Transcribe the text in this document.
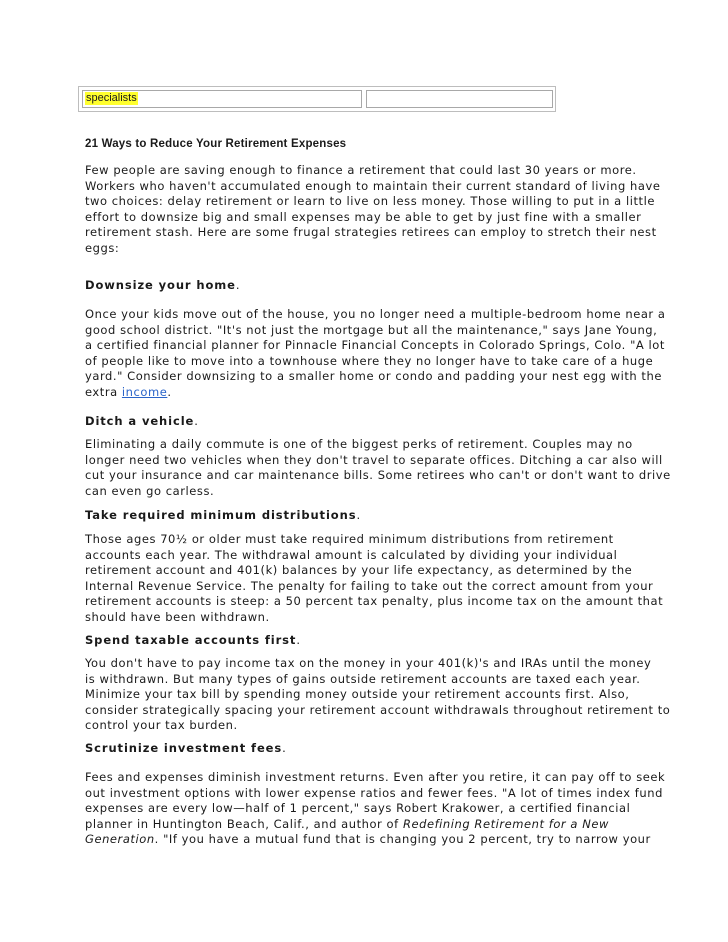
specialists
21 Ways to Reduce Your Retirement Expenses
Few people are saving enough to finance a retirement that could last 30 years or more.
Workers who haven't accumulated enough to maintain their current standard of living have
two choices: delay retirement or learn to live on less money. Those willing to put in a little
effort to downsize big and small expenses may be able to get by just fine with a smaller
retirement stash. Here are some frugal strategies retirees can employ to stretch their nest
eggs:
Downsize your home.
Once your kids move out of the house, you no longer need a multiple-bedroom home near a
good school district. "It's not just the mortgage but all the maintenance," says Jane Young,
a certified financial planner for Pinnacle Financial Concepts in Colorado Springs, Colo. "A lot
of people like to move into a townhouse where they no longer have to take care of a huge
yard." Consider downsizing to a smaller home or condo and padding your nest egg with the
extra income.
Ditch a vehicle.
Eliminating a daily commute is one of the biggest perks of retirement. Couples may no
longer need two vehicles when they don't travel to separate offices. Ditching a car also will
cut your insurance and car maintenance bills. Some retirees who can't or don't want to drive
can even go carless.
Take required minimum distributions.
Those ages 70½ or older must take required minimum distributions from retirement
accounts each year. The withdrawal amount is calculated by dividing your individual
retirement account and 401(k) balances by your life expectancy, as determined by the
Internal Revenue Service. The penalty for failing to take out the correct amount from your
retirement accounts is steep: a 50 percent tax penalty, plus income tax on the amount that
should have been withdrawn.
Spend taxable accounts first.
You don't have to pay income tax on the money in your 401(k)'s and IRAs until the money
is withdrawn. But many types of gains outside retirement accounts are taxed each year.
Minimize your tax bill by spending money outside your retirement accounts first. Also,
consider strategically spacing your retirement account withdrawals throughout retirement to
control your tax burden.
Scrutinize investment fees.
Fees and expenses diminish investment returns. Even after you retire, it can pay off to seek
out investment options with lower expense ratios and fewer fees. "A lot of times index fund
expenses are every low—half of 1 percent," says Robert Krakower, a certified financial
planner in Huntington Beach, Calif., and author of Redefining Retirement for a New
Generation. "If you have a mutual fund that is changing you 2 percent, try to narrow your
